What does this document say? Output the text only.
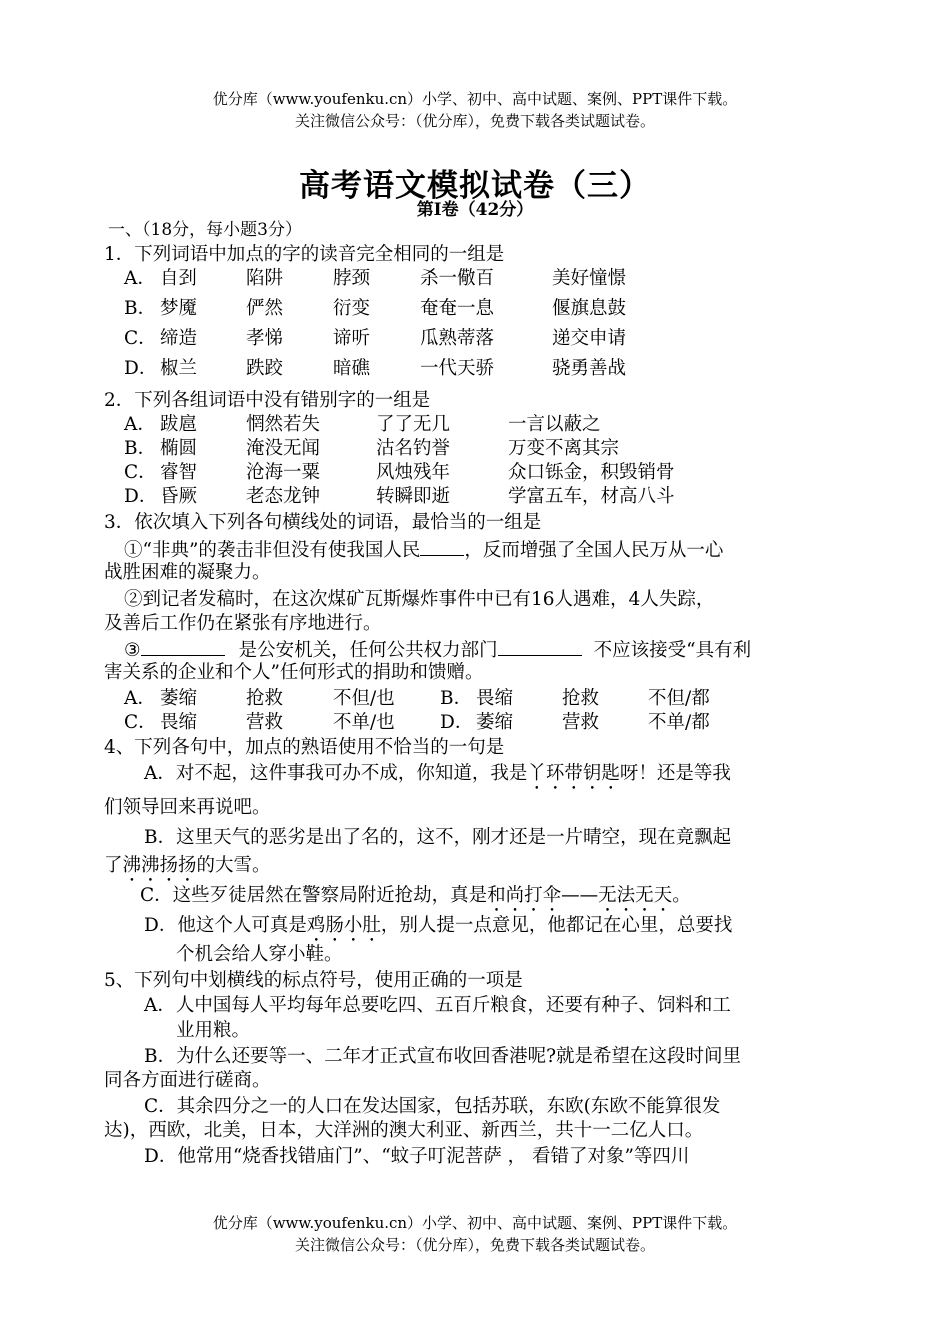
优分库（www.youfenku.cn）小学、初中、高中试题、案例、PPT课件下载。
关注微信公众号：（优分库），免费下载各类试题试卷。
高考语文模拟试卷（三）
第Ⅰ卷（42分）
一、（18分，每小题3分）
1．下列词语中加点的字的读音完全相同的一组是
A． 自刭	陷阱	脖颈	杀一儆百	美好憧憬
B． 梦魇	俨然	衍变	奄奄一息	偃旗息鼓
C． 缔造	孝悌	谛听	瓜熟蒂落	递交申请
D． 椒兰	跌跤	暗礁	一代天骄	骁勇善战
2．下列各组词语中没有错别字的一组是
A． 跋扈	惘然若失	了了无几	一言以蔽之
B． 椭圆	淹没无闻	沽名钓誉	万变不离其宗
C． 睿智	沧海一粟	风烛残年	众口铄金，积毁销骨
D． 昏厥	老态龙钟	转瞬即逝	学富五车，材高八斗
3．依次填入下列各句横线处的词语，最恰当的一组是
①“非典”的袭击非但没有使我国人民 ，反而增强了全国人民万从一心
战胜困难的凝聚力。
②到记者发稿时，在这次煤矿瓦斯爆炸事件中已有16人遇难，4人失踪，
及善后工作仍在紧张有序地进行。
③	是公安机关，任何公共权力部门	不应该接受“具有利
害关系的企业和个人”任何形式的捐助和馈赠。
A． 萎缩	抢救	不但/也 B． 畏缩	抢救	不但/都
C． 畏缩	营救	不单/也 D． 萎缩	营救	不单/都
4、下列各句中，加点的熟语使用不恰当的一句是
A．对不起，这件事我可办不成，你知道，我是丫环带钥匙呀！还是等我
们领导回来再说吧。
B．这里天气的恶劣是出了名的，这不，刚才还是一片晴空，现在竟飘起
了沸沸扬扬的大雪。
C．这些歹徒居然在警察局附近抢劫，真是和尚打伞——无法无天。
D．他这个人可真是鸡肠小肚，别人提一点意见，他都记在心里，总要找
个机会给人穿小鞋。
5、下列句中划横线的标点符号，使用正确的一项是
A．人中国每人平均每年总要吃四、五百斤粮食，还要有种子、饲料和工
业用粮。
B．为什么还要等一、二年才正式宣布收回香港呢?就是希望在这段时间里
同各方面进行磋商。
C．其余四分之一的人口在发达国家，包括苏联，东欧(东欧不能算很发
达)，西欧，北美，日本，大洋洲的澳大利亚、新西兰，共十一二亿人口。
D．他常用“烧香找错庙门”、“蚊子叮泥菩萨 ， 看错了对象”等四川
优分库（www.youfenku.cn）小学、初中、高中试题、案例、PPT课件下载。
关注微信公众号：（优分库），免费下载各类试题试卷。
